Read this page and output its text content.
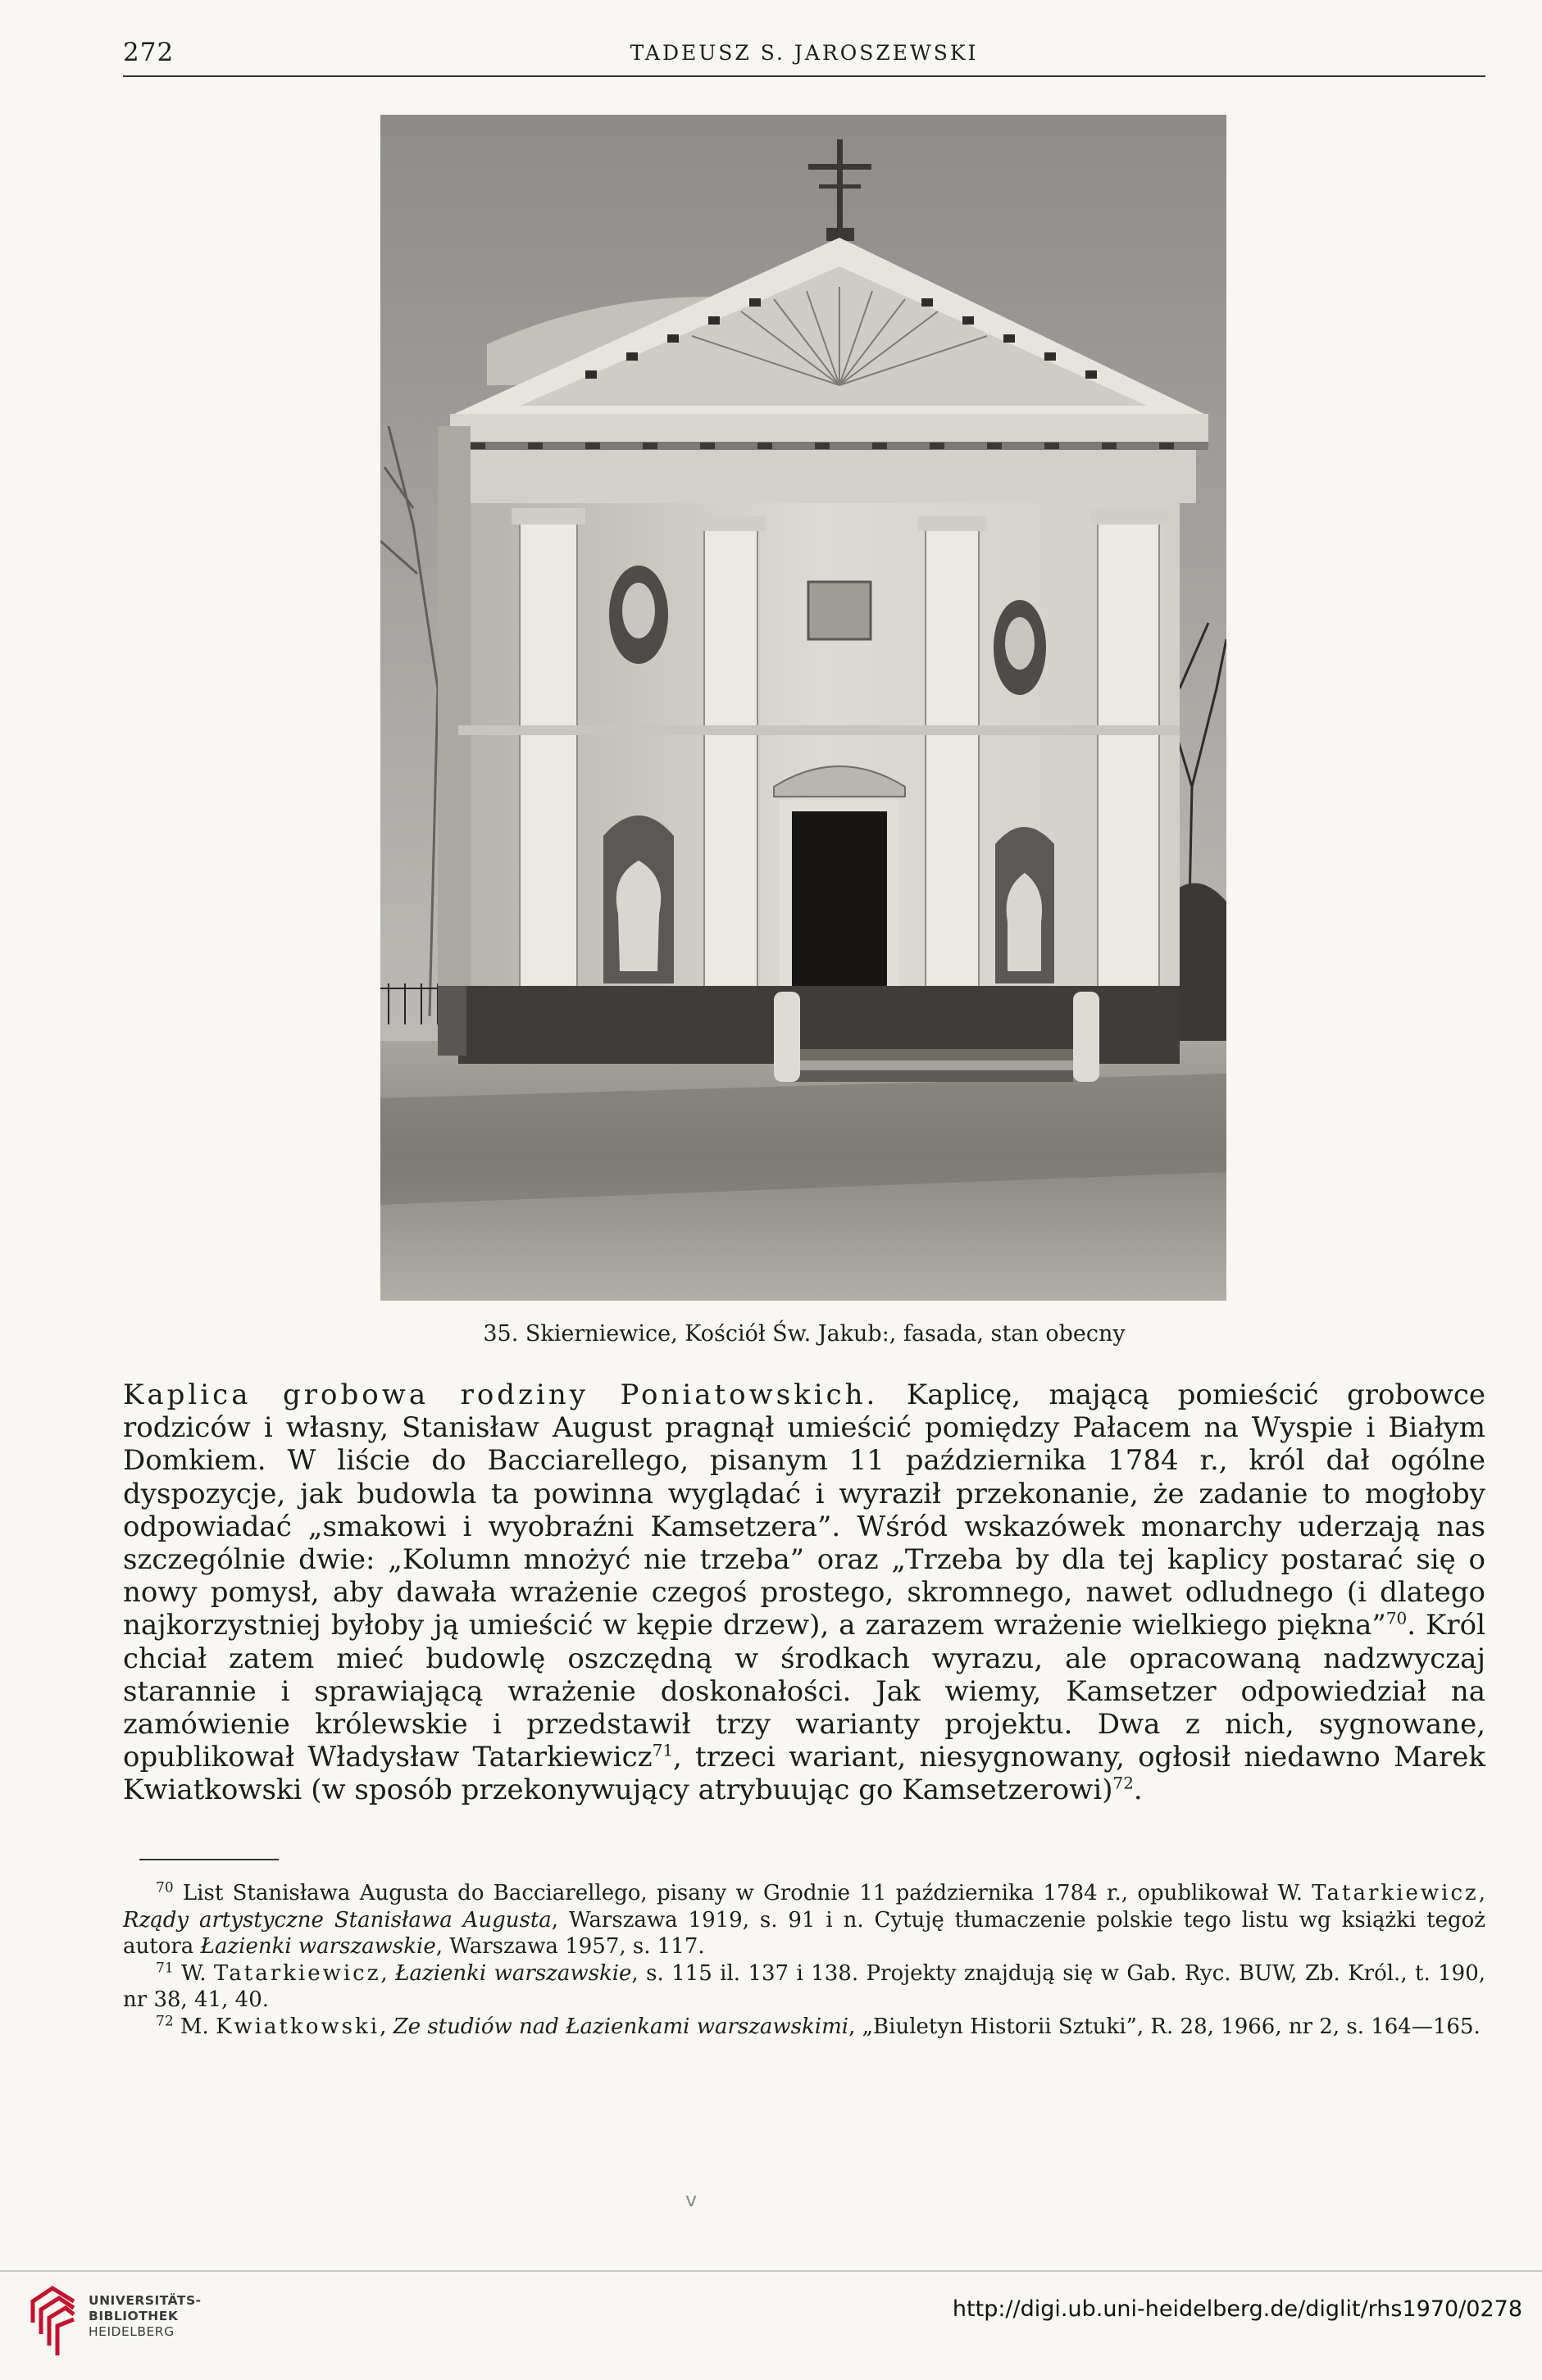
272	TADEUSZ S. JAROSZEWSKI
35. Skierniewice, Kościół Św. Jakub:, fasada, stan obecny
Kaplica grobowa rodziny Poniatowskich. Kaplicę, mającą pomieścić grobowce rodziców i własny, Stanisław August pragnął umieścić pomiędzy Pałacem na Wyspie i Białym Domkiem. W liście do Bacciarellego, pisanym 11 października 1784 r., król dał ogólne dyspozycje, jak budowla ta powinna wyglądać i wyraził przekonanie, że zadanie to mogłoby odpowiadać „smakowi i wyobraźni Kamsetzera”. Wśród wskazówek monarchy uderzają nas szczególnie dwie: „Kolumn mnożyć nie trzeba” oraz „Trzeba by dla tej kaplicy postarać się o nowy pomysł, aby dawała wrażenie czegoś prostego, skromnego, nawet odludnego (i dlatego najkorzystniej byłoby ją umieścić w kępie drzew), a zarazem wrażenie wielkiego piękna”$^{70}$. Król chciał zatem mieć budowlę oszczędną w środkach wyrazu, ale opracowaną nadzwyczaj starannie i sprawiającą wrażenie doskonałości. Jak wiemy, Kamsetzer odpowiedział na zamówienie królewskie i przedstawił trzy warianty projektu. Dwa z nich, sygnowane, opublikował Władysław Tatarkiewicz$^{71}$, trzeci wariant, niesygnowany, ogłosił niedawno Marek Kwiatkowski (w sposób przekonywujący atrybuując go Kamsetzerowi)$^{72}$.

$^{70}$ List Stanisława Augusta do Bacciarellego, pisany w Grodnie 11 października 1784 r., opublikował W. Tatarkiewicz, Rządy artystyczne Stanisława Augusta, Warszawa 1919, s. 91 i n. Cytuję tłumaczenie polskie tego listu wg książki tegoż autora Łazienki warszawskie, Warszawa 1957, s. 117.

$^{71}$ W. Tatarkiewicz, Łazienki warszawskie, s. 115 il. 137 i 138. Projekty znajdują się w Gab. Ryc. BUW, Zb. Król., t. 190, nr 38, 41, 40.

$^{72}$ M. Kwiatkowski, Ze studiów nad Łazienkami warszawskimi, „Biuletyn Historii Sztuki”, R. 28, 1966, nr 2, s. 164—165.

v
UNIVERSITÄTS-
BIBLIOTHEK
HEIDELBERG
http://digi.ub.uni-heidelberg.de/diglit/rhs1970/0278
